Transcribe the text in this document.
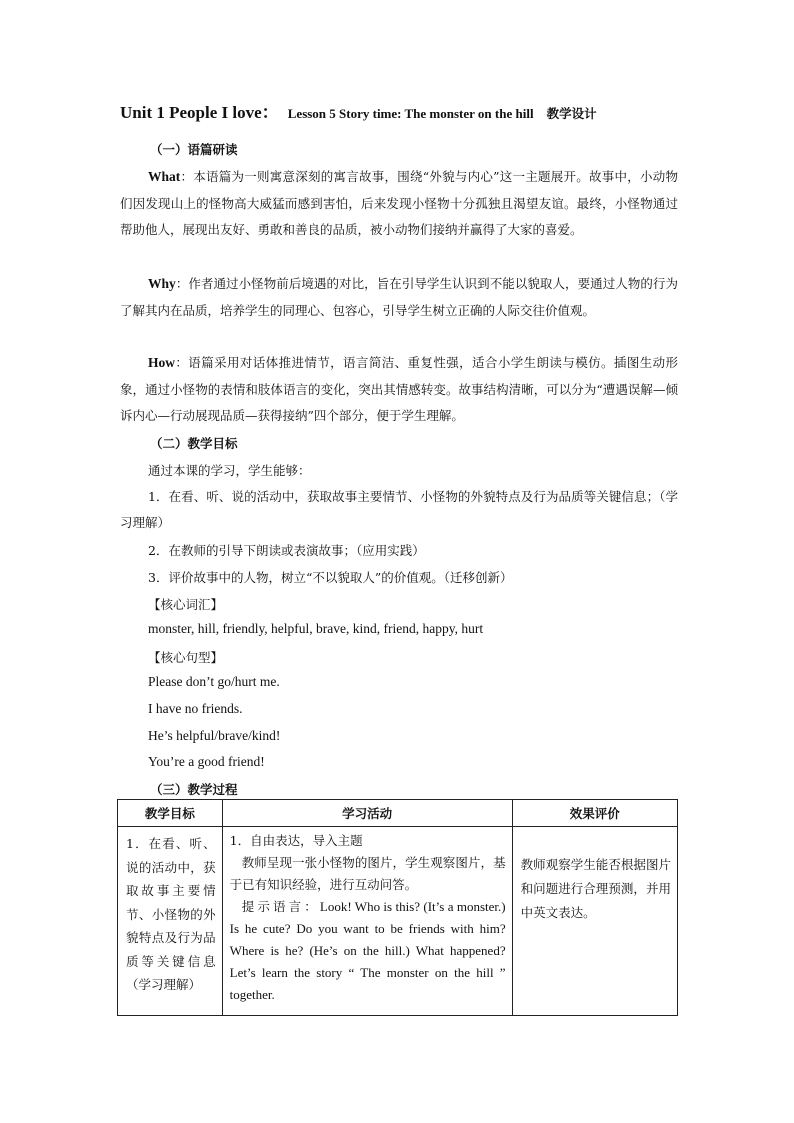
Unit 1 People I love： Lesson 5 Story time: The monster on the hill 教学设计
（一）语篇研读
What：本语篇为一则寓意深刻的寓言故事，围绕“外貌与内心”这一主题展开。故事中，小动物们因发现山上的怪物高大威猛而感到害怕，后来发现小怪物十分孤独且渴望友谊。最终，小怪物通过帮助他人，展现出友好、勇敢和善良的品质，被小动物们接纳并赢得了大家的喜爱。
Why：作者通过小怪物前后境遇的对比，旨在引导学生认识到不能以貌取人，要通过人物的行为了解其内在品质，培养学生的同理心、包容心，引导学生树立正确的人际交往价值观。
How：语篇采用对话体推进情节，语言简洁、重复性强，适合小学生朗读与模仿。插图生动形象，通过小怪物的表情和肢体语言的变化，突出其情感转变。故事结构清晰，可以分为“遭遇误解—倾诉内心—行动展现品质—获得接纳”四个部分，便于学生理解。
（二）教学目标
通过本课的学习，学生能够：
1．在看、听、说的活动中，获取故事主要情节、小怪物的外貌特点及行为品质等关键信息；（学习理解）
2．在教师的引导下朗读或表演故事；（应用实践）
3．评价故事中的人物，树立“不以貌取人”的价值观。（迁移创新）
【核心词汇】
monster, hill, friendly, helpful, brave, kind, friend, happy, hurt
【核心句型】
Please don’t go/hurt me.
I have no friends.
He’s helpful/brave/kind!
You’re a good friend!
（三）教学过程
教学目标	学习活动	效果评价

1．在看、听、说的活动中，获取故事主要情节、小怪物的外貌特点及行为品质等关键信息（学习理解）	1．自由表达，导入主题
教师呈现一张小怪物的图片，学生观察图片，基于已有知识经验，进行互动问答。
提示语言：Look! Who is this? (It’s a monster.) Is he cute? Do you want to be friends with him? Where is he? (He’s on the hill.) What happened? Let’s learn the story “ The monster on the hill ” together.	教师观察学生能否根据图片和问题进行合理预测，并用中英文表达。
